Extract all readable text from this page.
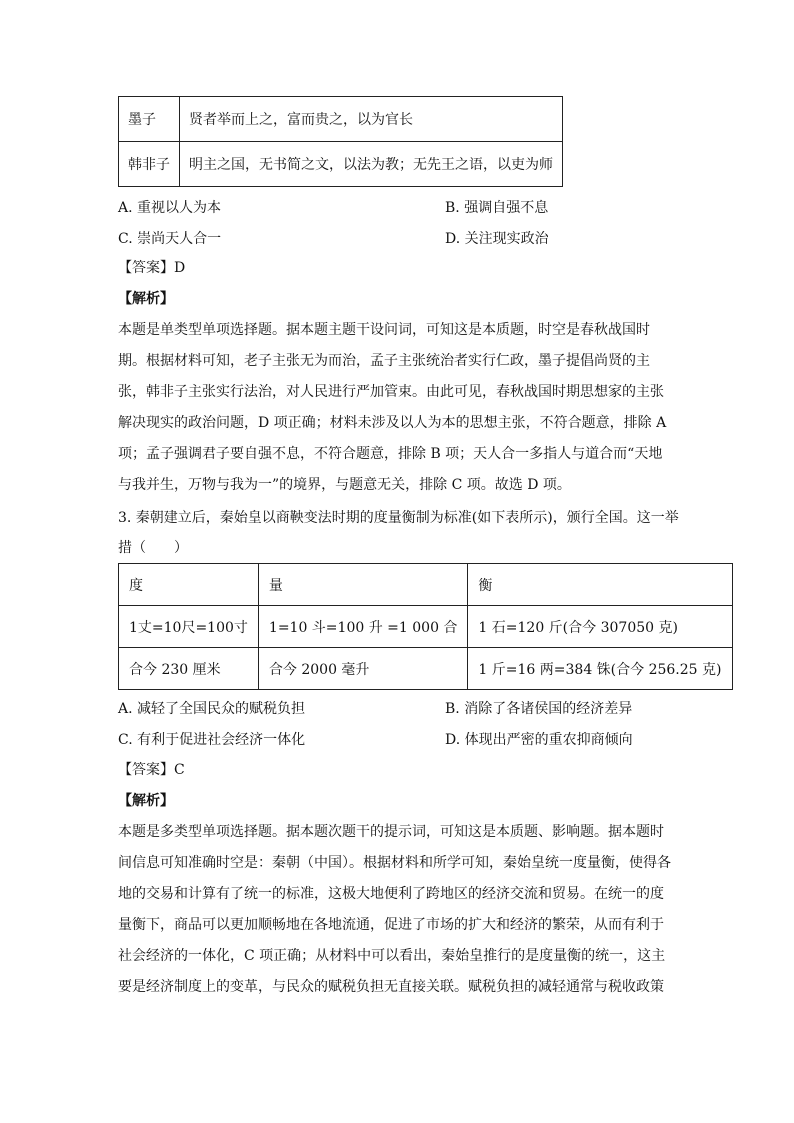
墨子	贤者举而上之，富而贵之，以为官长
韩非子	明主之国，无书简之文，以法为教；无先王之语，以吏为师
A. 重视以人为本	B. 强调自强不息
C. 崇尚天人合一	D. 关注现实政治
【答案】D
【解析】
本题是单类型单项选择题。据本题主题干设问词，可知这是本质题，时空是春秋战国时
期。根据材料可知，老子主张无为而治，孟子主张统治者实行仁政，墨子提倡尚贤的主
张，韩非子主张实行法治，对人民进行严加管束。由此可见，春秋战国时期思想家的主张
解决现实的政治问题，D 项正确；材料未涉及以人为本的思想主张，不符合题意，排除 A
项；孟子强调君子要自强不息，不符合题意，排除 B 项；天人合一多指人与道合而“天地
与我并生，万物与我为一”的境界，与题意无关，排除 C 项。故选 D 项。
3. 秦朝建立后，秦始皇以商鞅变法时期的度量衡制为标准(如下表所示)，颁行全国。这一举
措（　　）
度	量	衡
1丈=10尺=100寸	1=10 斗=100 升 =1 000 合	1 石=120 斤(合今 307050 克)
合今 230 厘米	合今 2000 毫升	1 斤=16 两=384 铢(合今 256.25 克)
A. 减轻了全国民众的赋税负担	B. 消除了各诸侯国的经济差异
C. 有利于促进社会经济一体化	D. 体现出严密的重农抑商倾向
【答案】C
【解析】
本题是多类型单项选择题。据本题次题干的提示词，可知这是本质题、影响题。据本题时
间信息可知准确时空是：秦朝（中国）。根据材料和所学可知，秦始皇统一度量衡，使得各
地的交易和计算有了统一的标准，这极大地便利了跨地区的经济交流和贸易。在统一的度
量衡下，商品可以更加顺畅地在各地流通，促进了市场的扩大和经济的繁荣，从而有利于
社会经济的一体化，C 项正确；从材料中可以看出，秦始皇推行的是度量衡的统一，这主
要是经济制度上的变革，与民众的赋税负担无直接关联。赋税负担的减轻通常与税收政策
